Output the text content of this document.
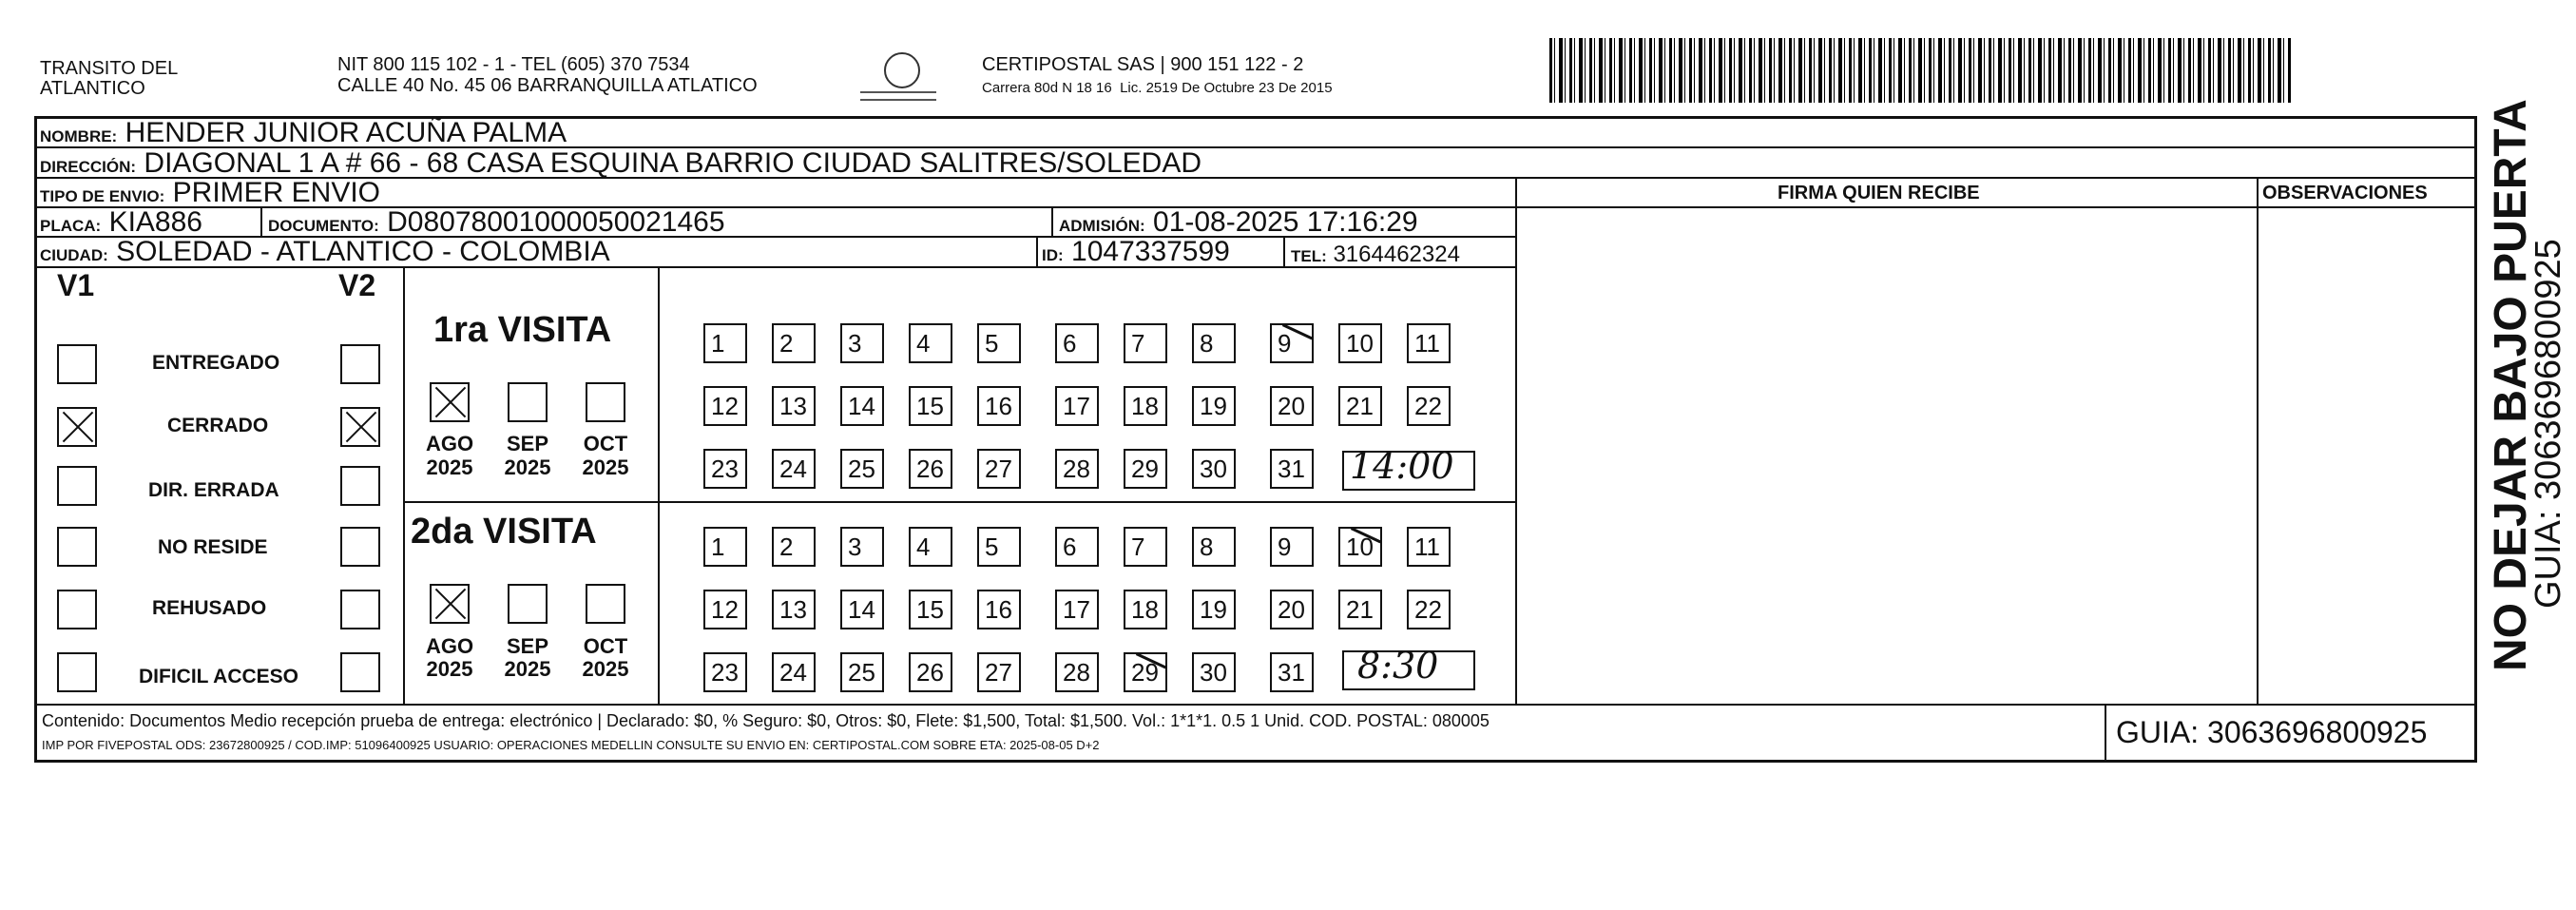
TRANSITO DEL
ATLANTICO
NIT 800 115 102 - 1 - TEL (605) 370 7534
CALLE 40 No. 45 06 BARRANQUILLA ATLATICO
CERTIPOSTAL SAS | 900 151 122 - 2
Carrera 80d N 18 16  Lic. 2519 De Octubre 23 De 2015
NOMBRE: HENDER JUNIOR ACUÑA PALMA
DIRECCIÓN: DIAGONAL 1 A # 66 - 68 CASA ESQUINA BARRIO CIUDAD SALITRES/SOLEDAD
TIPO DE ENVIO: PRIMER ENVIO	FIRMA QUIEN RECIBE	OBSERVACIONES
PLACA: KIA886	DOCUMENTO: D08078001000050021465	ADMISIÓN: 01-08-2025 17:16:29
CIUDAD: SOLEDAD - ATLANTICO - COLOMBIA	ID: 1047337599	TEL: 3164462324
V1	V2
ENTREGADO
CERRADO
DIR. ERRADA
NO RESIDE
REHUSADO
DIFICIL ACCESO
1ra VISITA
AGO	SEP	OCT
2025	2025	2025
1	2	3	4	5	6	7	8	9	10	11
12	13	14	15	16	17	18	19	20	21	22
23	24	25	26	27	28	29	30	31 14:00
2da VISITA
AGO	SEP	OCT
2025	2025	2025
1	2	3	4	5	6	7	8	9	10	11
12	13	14	15	16	17	18	19	20	21	22
23	24	25	26	27	28	29	30	31 8:30
Contenido: Documentos Medio recepción prueba de entrega: electrónico | Declarado: $0, % Seguro: $0, Otros: $0, Flete: $1,500, Total: $1,500. Vol.: 1*1*1. 0.5 1 Unid. COD. POSTAL: 080005
IMP POR FIVEPOSTAL ODS: 23672800925 / COD.IMP: 51096400925 USUARIO: OPERACIONES MEDELLIN CONSULTE SU ENVIO EN: CERTIPOSTAL.COM SOBRE ETA: 2025-08-05 D+2	GUIA: 3063696800925
NO DEJAR BAJO PUERTA
GUIA: 3063696800925
